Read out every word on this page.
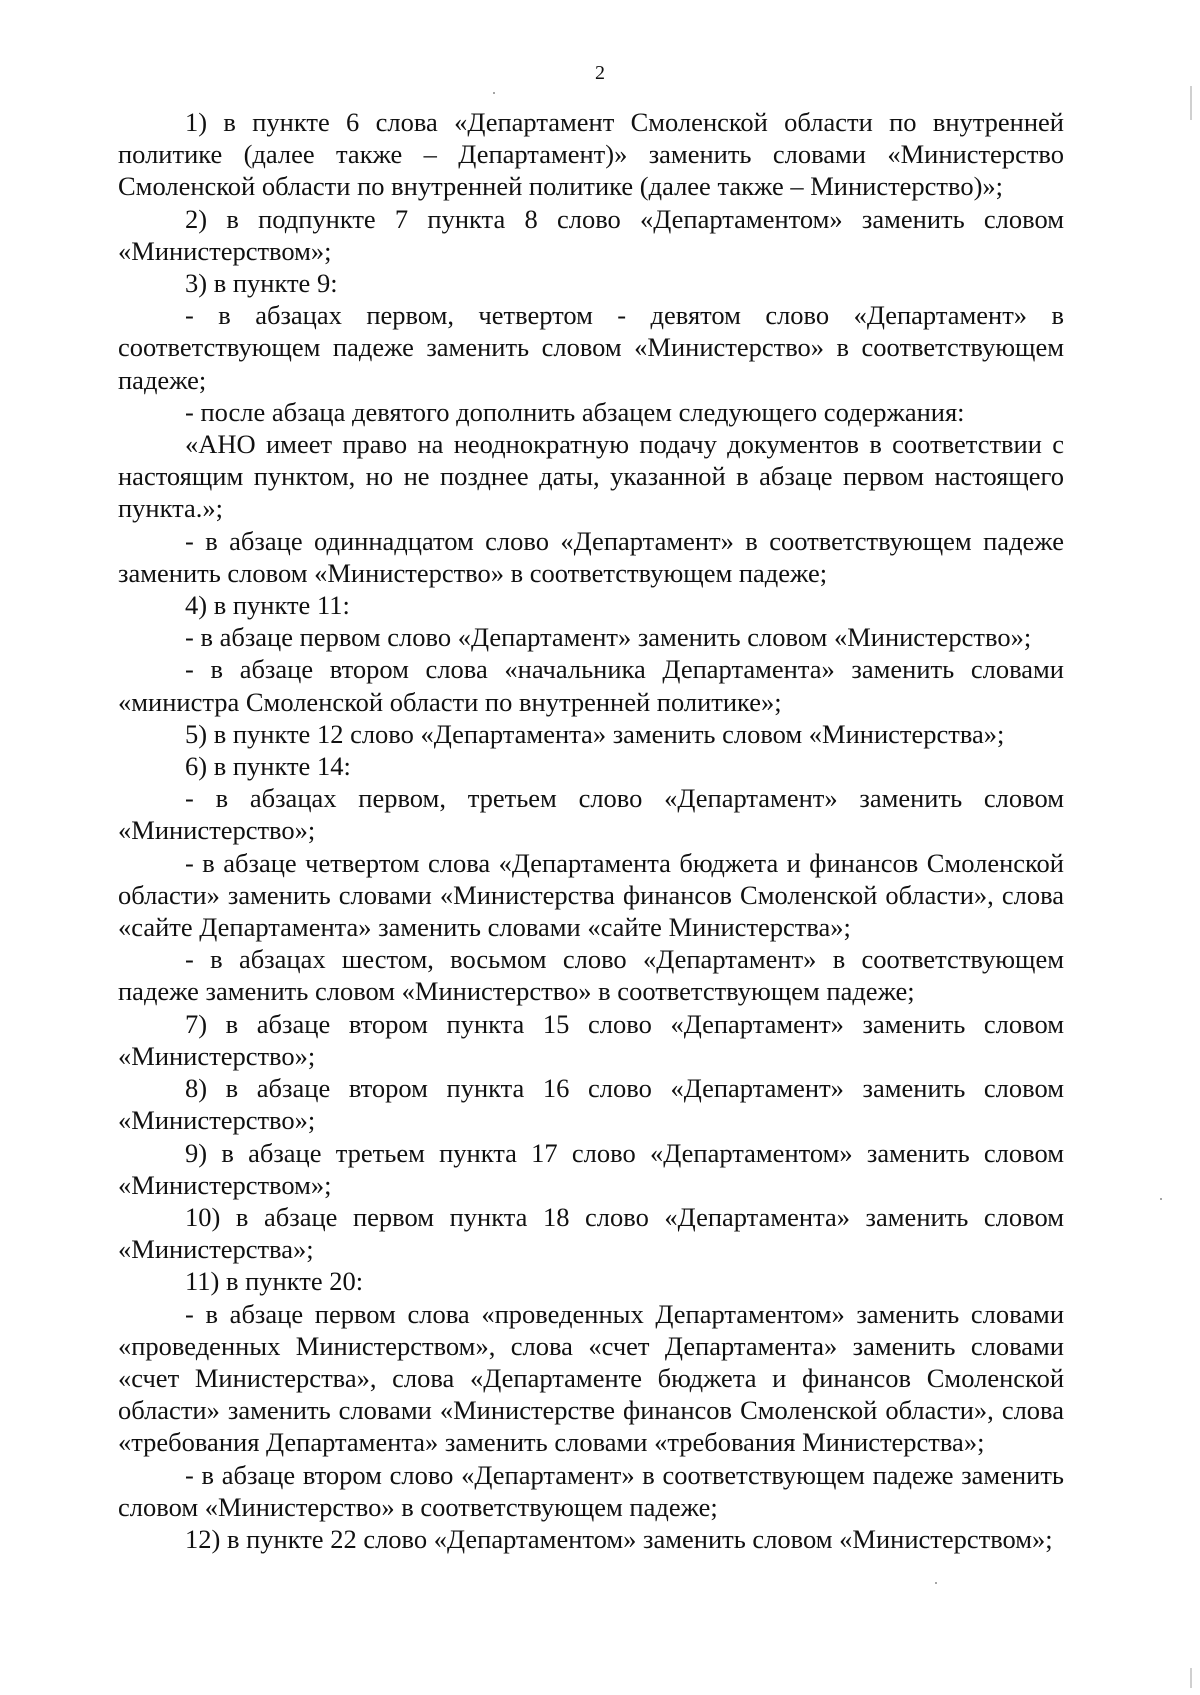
2

1) в пункте 6 слова «Департамент Смоленской области по внутренней политике (далее также – Департамент)» заменить словами «Министерство Смоленской области по внутренней политике (далее также – Министерство)»;

2) в подпункте 7 пункта 8 слово «Департаментом» заменить словом «Министерством»;

3) в пункте 9:

- в абзацах первом, четвертом - девятом слово «Департамент» в соответствующем падеже заменить словом «Министерство» в соответствующем падеже;

- после абзаца девятого дополнить абзацем следующего содержания:

«АНО имеет право на неоднократную подачу документов в соответствии с настоящим пунктом, но не позднее даты, указанной в абзаце первом настоящего пункта.»;

- в абзаце одиннадцатом слово «Департамент» в соответствующем падеже заменить словом «Министерство» в соответствующем падеже;

4) в пункте 11:

- в абзаце первом слово «Департамент» заменить словом «Министерство»;

- в абзаце втором слова «начальника Департамента» заменить словами «министра Смоленской области по внутренней политике»;

5) в пункте 12 слово «Департамента» заменить словом «Министерства»;

6) в пункте 14:

- в абзацах первом, третьем слово «Департамент» заменить словом «Министерство»;

- в абзаце четвертом слова «Департамента бюджета и финансов Смоленской области» заменить словами «Министерства финансов Смоленской области», слова «сайте Департамента» заменить словами «сайте Министерства»;

- в абзацах шестом, восьмом слово «Департамент» в соответствующем падеже заменить словом «Министерство» в соответствующем падеже;

7) в абзаце втором пункта 15 слово «Департамент» заменить словом «Министерство»;

8) в абзаце втором пункта 16 слово «Департамент» заменить словом «Министерство»;

9) в абзаце третьем пункта 17 слово «Департаментом» заменить словом «Министерством»;

10) в абзаце первом пункта 18 слово «Департамента» заменить словом «Министерства»;

11) в пункте 20:

- в абзаце первом слова «проведенных Департаментом» заменить словами «проведенных Министерством», слова «счет Департамента» заменить словами «счет Министерства», слова «Департаменте бюджета и финансов Смоленской области» заменить словами «Министерстве финансов Смоленской области», слова «требования Департамента» заменить словами «требования Министерства»;

- в абзаце втором слово «Департамент» в соответствующем падеже заменить словом «Министерство» в соответствующем падеже;

12) в пункте 22 слово «Департаментом» заменить словом «Министерством»;
